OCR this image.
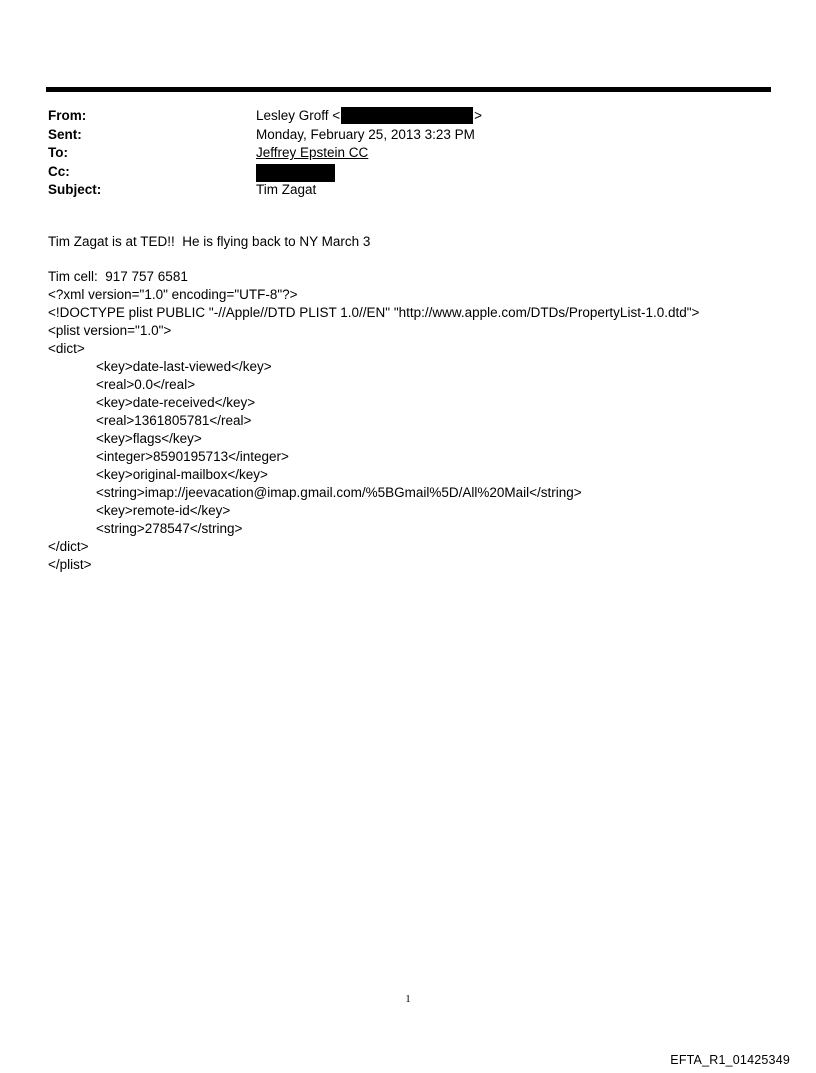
From:	Lesley Groff <	>
Sent:	Monday, February 25, 2013 3:23 PM
To:	Jeffrey Epstein CC
Cc:
Subject:	Tim Zagat
Tim Zagat is at TED!!  He is flying back to NY March 3
Tim cell:  917 757 6581
<?xml version="1.0" encoding="UTF-8"?>
<!DOCTYPE plist PUBLIC "-//Apple//DTD PLIST 1.0//EN" "http://www.apple.com/DTDs/PropertyList-1.0.dtd">
<plist version="1.0">
<dict>
<key>date-last-viewed</key>
<real>0.0</real>
<key>date-received</key>
<real>1361805781</real>
<key>flags</key>
<integer>8590195713</integer>
<key>original-mailbox</key>
<string>imap://jeevacation@imap.gmail.com/%5BGmail%5D/All%20Mail</string>
<key>remote-id</key>
<string>278547</string>
</dict>
</plist>
1
EFTA_R1_01425349
